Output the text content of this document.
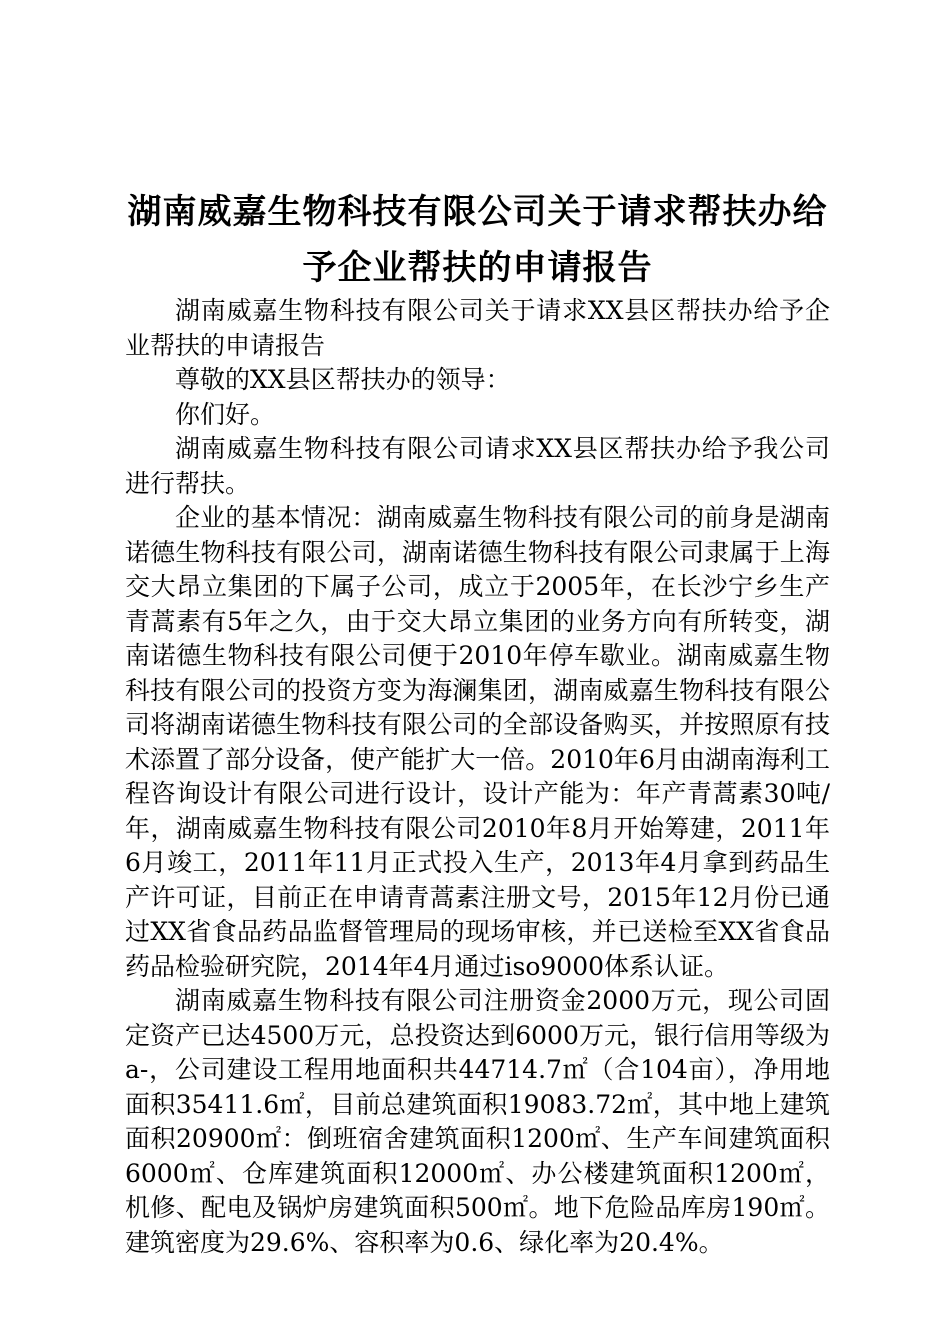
湖南威嘉生物科技有限公司关于请求帮扶办给
予企业帮扶的申请报告

湖南威嘉生物科技有限公司关于请求XX县区帮扶办给予企业帮扶的申请报告

尊敬的XX县区帮扶办的领导：

你们好。

湖南威嘉生物科技有限公司请求XX县区帮扶办给予我公司进行帮扶。

企业的基本情况：湖南威嘉生物科技有限公司的前身是湖南诺德生物科技有限公司，湖南诺德生物科技有限公司隶属于上海交大昂立集团的下属子公司，成立于2005年，在长沙宁乡生产青蒿素有5年之久，由于交大昂立集团的业务方向有所转变，湖南诺德生物科技有限公司便于2010年停车歇业。湖南威嘉生物科技有限公司的投资方变为海澜集团，湖南威嘉生物科技有限公司将湖南诺德生物科技有限公司的全部设备购买，并按照原有技术添置了部分设备，使产能扩大一倍。2010年6月由湖南海利工程咨询设计有限公司进行设计，设计产能为：年产青蒿素30吨/年，湖南威嘉生物科技有限公司2010年8月开始筹建，2011年6月竣工，2011年11月正式投入生产，2013年4月拿到药品生产许可证，目前正在申请青蒿素注册文号，2015年12月份已通过XX省食品药品监督管理局的现场审核，并已送检至XX省食品药品检验研究院，2014年4月通过iso9000体系认证。

湖南威嘉生物科技有限公司注册资金2000万元，现公司固定资产已达4500万元，总投资达到6000万元，银行信用等级为a-，公司建设工程用地面积共44714.7㎡（合104亩），净用地面积35411.6㎡，目前总建筑面积19083.72㎡，其中地上建筑面积20900㎡：倒班宿舍建筑面积1200㎡、生产车间建筑面积6000㎡、仓库建筑面积12000㎡、办公楼建筑面积1200㎡，机修、配电及锅炉房建筑面积500㎡。地下危险品库房190㎡。建筑密度为29.6%、容积率为0.6、绿化率为20.4%。
